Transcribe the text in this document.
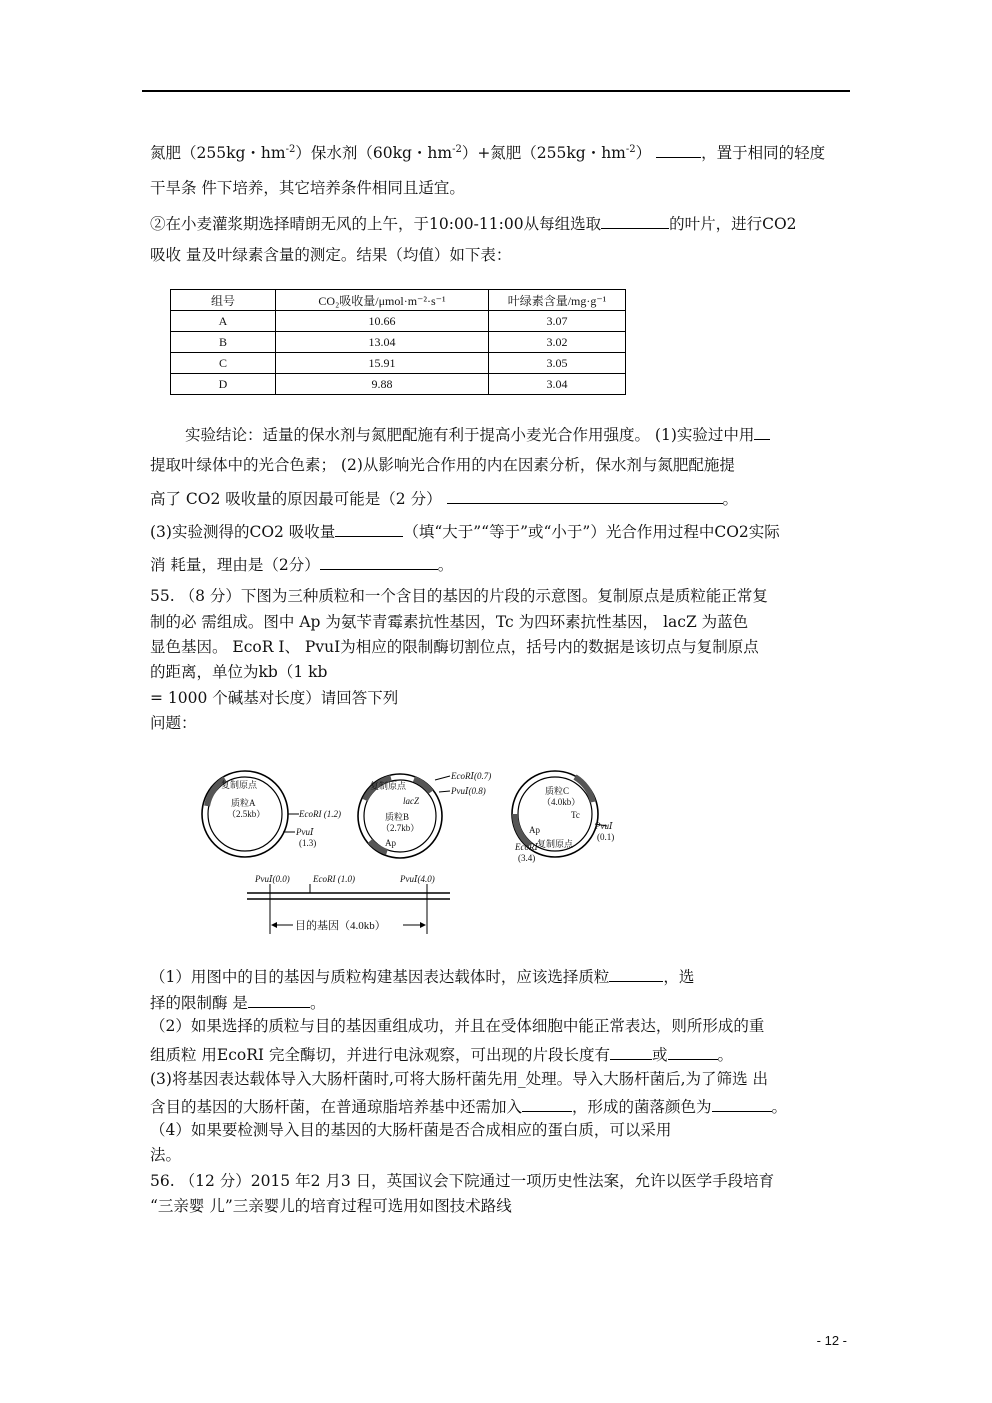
氮肥（255kg・$hm^{-2}$）保水剂（60kg・$hm^{-2})+$氮肥（255kg・$hm^{-2}$）	，置于相同的轻度
干旱条 件下培养，其它培养条件相同且适宜。
②在小麦灌浆期选择晴朗无风的上午，于10:00-11:00从每组选取	的叶片，进行CO2
吸收 量及叶绿素含量的测定。结果（均值）如下表：
组号	CO₂吸收量/μmol·m⁻²·s⁻¹	叶绿素含量/mg·g⁻¹
A	10.66	3.07
B	13.04	3.02
C	15.91	3.05
D	9.88	3.04
实验结论：适量的保水剂与氮肥配施有利于提高小麦光合作用强度。 (1)实验过中用
提取叶绿体中的光合色素； (2)从影响光合作用的内在因素分析，保水剂与氮肥配施提
高了 CO2 吸收量的原因最可能是（2 分）	。
(3)实验测得的CO2 吸收量	（填“大于”“等于”或“小于”）光合作用过程中CO2实际
消 耗量，理由是（2分）	。
55. （8 分）下图为三种质粒和一个含目的基因的片段的示意图。复制原点是质粒能正常复
制的必 需组成。图中 Ap 为氨苄青霉素抗性基因，Tc 为四环素抗性基因， lacZ 为蓝色
显色基因。 EcoR Ⅰ、 PvuⅠ为相应的限制酶切割位点，括号内的数据是该切点与复制原点
的距离，单位为kb（1 kb
= 1000 个碱基对长度）请回答下列
问题：
复制原点
质粒A
（2.5kb）	EcoRI (1.2)
PvuⅠ
(1.3)
复制原点
lacZ
质粒B
（2.7kb）
Ap
EcoRⅠ(0.7)
PvuⅠ(0.8)	质粒C
（4.0kb）
Tc
Ap
复制原点
PvuⅠ
(0.1)
EcoRⅠ
(3.4)
PvuⅠ(0.0)	EcoRI (1.0)	PvuⅠ(4.0)
目的基因（4.0kb）
（1）用图中的目的基因与质粒构建基因表达载体时，应该选择质粒	，选
择的限制酶 是	。
（2）如果选择的质粒与目的基因重组成功，并且在受体细胞中能正常表达，则所形成的重
组质粒 用EcoRI 完全酶切，并进行电泳观察，可出现的片段长度有	或	。
(3)将基因表达载体导入大肠杆菌时,可将大肠杆菌先用_处理。导入大肠杆菌后,为了筛选 出
含目的基因的大肠杆菌，在普通琼脂培养基中还需加入	，形成的菌落颜色为	。
（4）如果要检测导入目的基因的大肠杆菌是否合成相应的蛋白质，可以采用
法。
56. （12 分）2015 年2 月3 日，英国议会下院通过一项历史性法案，允许以医学手段培育
“三亲婴 儿”三亲婴儿的培育过程可选用如图技术路线
- 12 -
